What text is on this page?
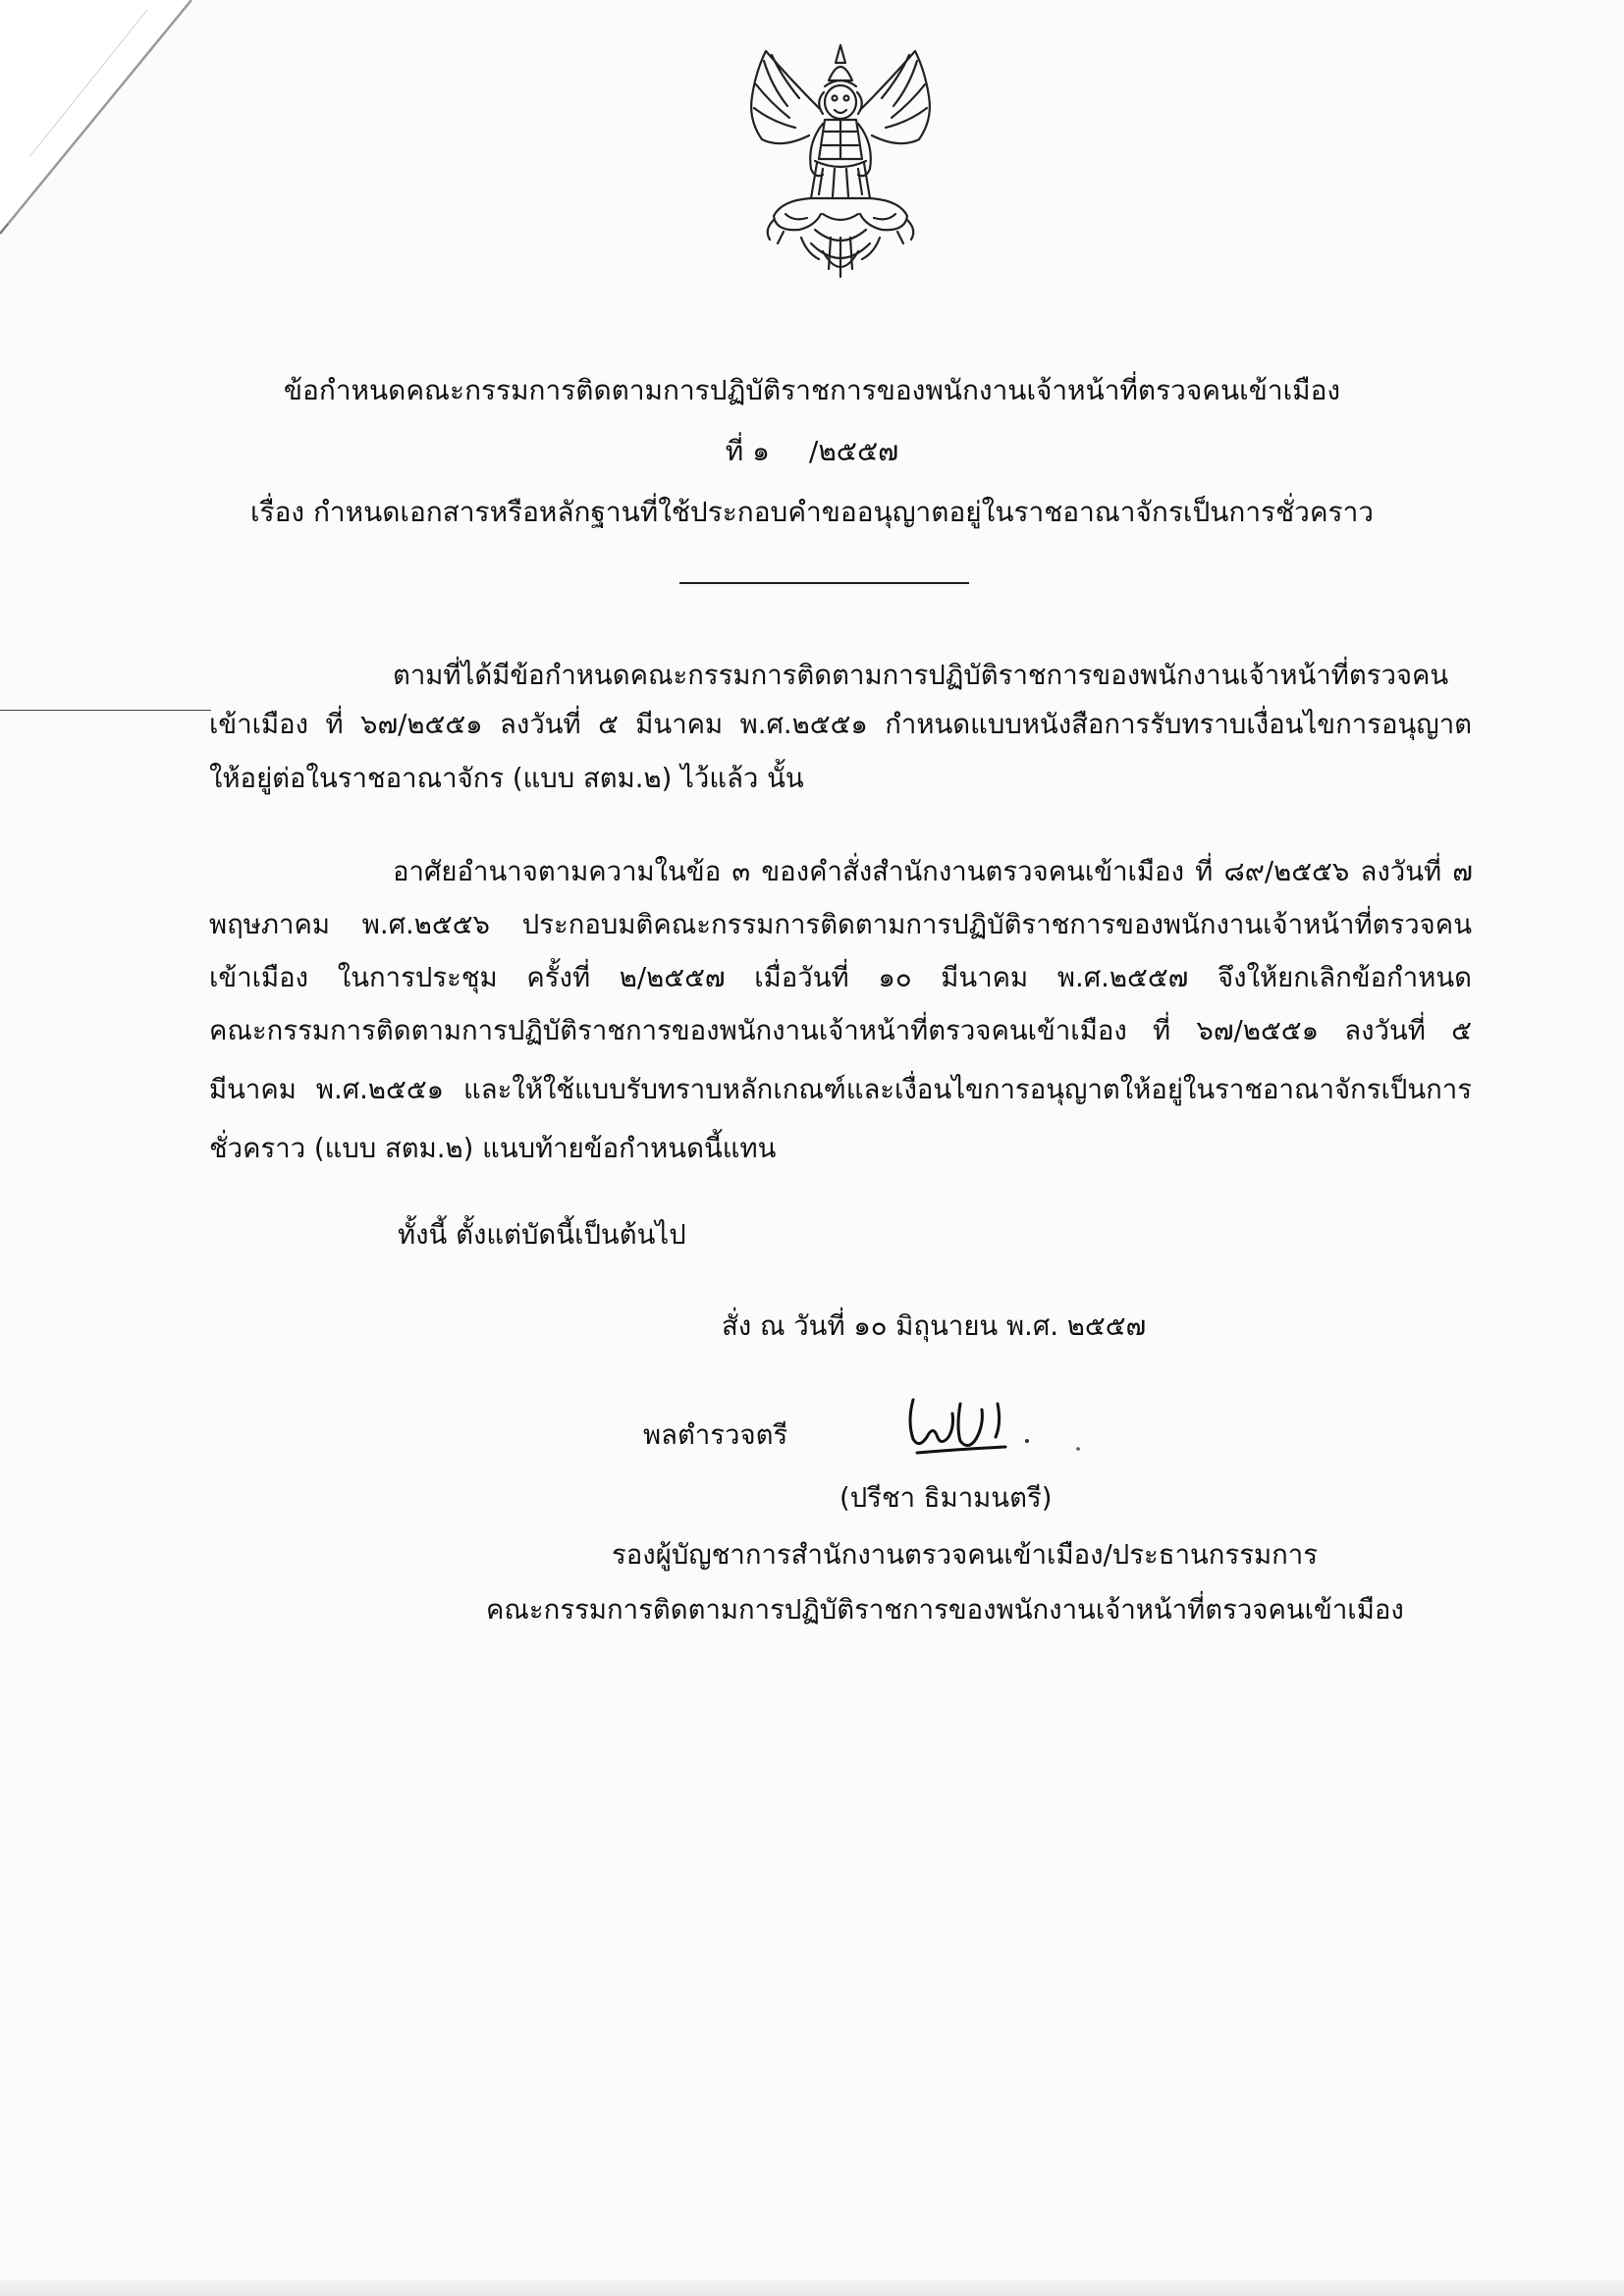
ข้อกำหนดคณะกรรมการติดตามการปฏิบัติราชการของพนักงานเจ้าหน้าที่ตรวจคนเข้าเมือง
ที่ ๑ /๒๕๕๗
เรื่อง กำหนดเอกสารหรือหลักฐานที่ใช้ประกอบคำขออนุญาตอยู่ในราชอาณาจักรเป็นการชั่วคราว
ตามที่ได้มีข้อกำหนดคณะกรรมการติดตามการปฏิบัติราชการของพนักงานเจ้าหน้าที่ตรวจคน
เข้าเมือง ที่ ๖๗/๒๕๕๑ ลงวันที่ ๕ มีนาคม พ.ศ.๒๕๕๑ กำหนดแบบหนังสือการรับทราบเงื่อนไขการอนุญาต
ให้อยู่ต่อในราชอาณาจักร (แบบ สตม.๒) ไว้แล้ว นั้น
อาศัยอำนาจตามความในข้อ ๓ ของคำสั่งสำนักงานตรวจคนเข้าเมือง ที่ ๘๙/๒๕๕๖ ลงวันที่ ๗
พฤษภาคม พ.ศ.๒๕๕๖ ประกอบมติคณะกรรมการติดตามการปฏิบัติราชการของพนักงานเจ้าหน้าที่ตรวจคน
เข้าเมือง ในการประชุม ครั้งที่ ๒/๒๕๕๗ เมื่อวันที่ ๑๐ มีนาคม พ.ศ.๒๕๕๗ จึงให้ยกเลิกข้อกำหนด
คณะกรรมการติดตามการปฏิบัติราชการของพนักงานเจ้าหน้าที่ตรวจคนเข้าเมือง ที่ ๖๗/๒๕๕๑ ลงวันที่ ๕
มีนาคม พ.ศ.๒๕๕๑ และให้ใช้แบบรับทราบหลักเกณฑ์และเงื่อนไขการอนุญาตให้อยู่ในราชอาณาจักรเป็นการ
ชั่วคราว (แบบ สตม.๒) แนบท้ายข้อกำหนดนี้แทน
ทั้งนี้ ตั้งแต่บัดนี้เป็นต้นไป
สั่ง ณ วันที่ ๑๐ มิถุนายน พ.ศ. ๒๕๕๗
พลตำรวจตรี
(ปรีชา ธิมามนตรี)
รองผู้บัญชาการสำนักงานตรวจคนเข้าเมือง/ประธานกรรมการ
คณะกรรมการติดตามการปฏิบัติราชการของพนักงานเจ้าหน้าที่ตรวจคนเข้าเมือง
